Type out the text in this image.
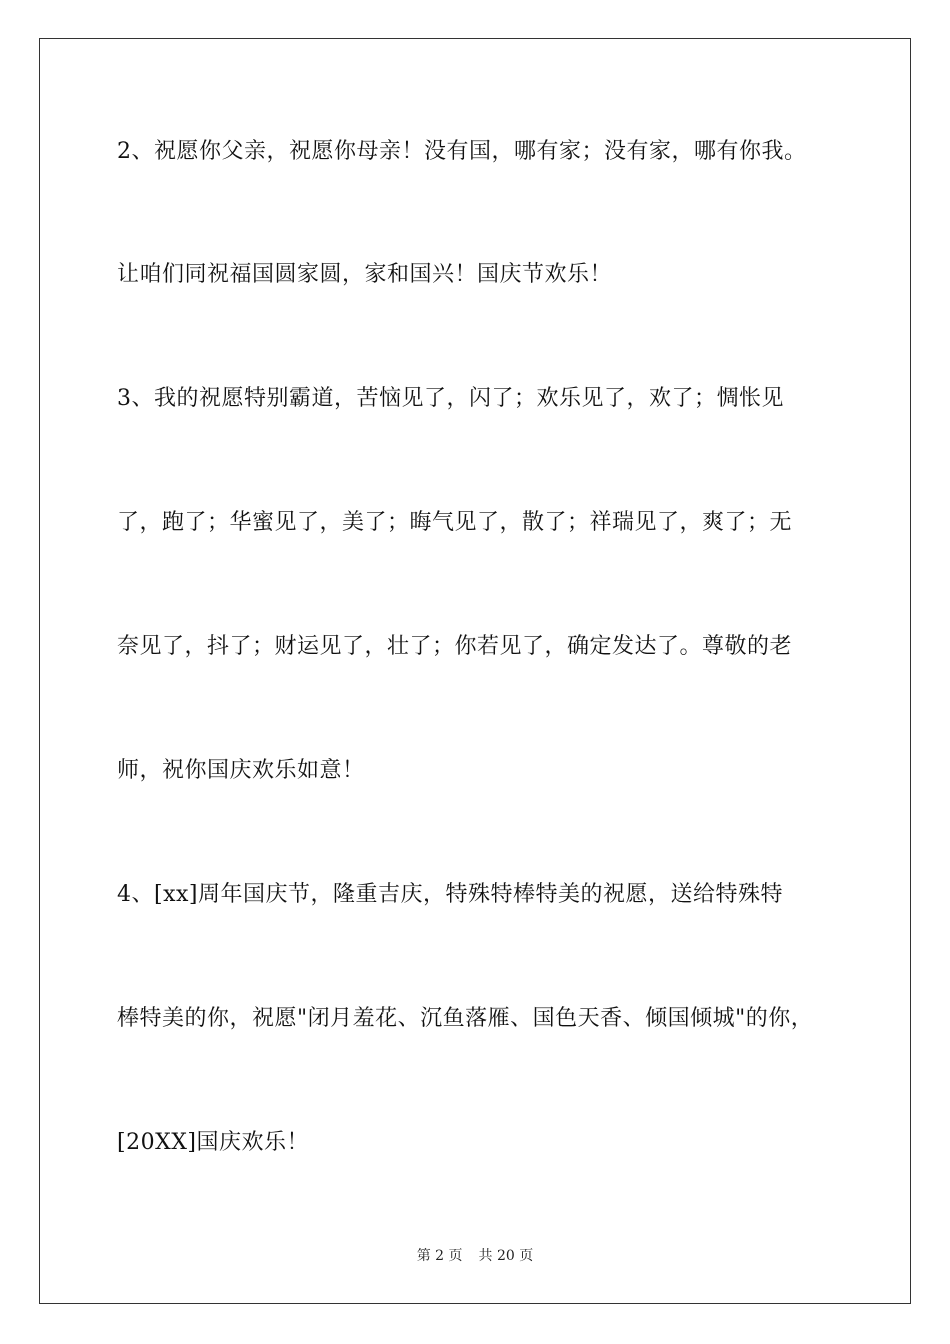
2、祝愿你父亲，祝愿你母亲！没有国，哪有家；没有家，哪有你我。
让咱们同祝福国圆家圆，家和国兴！国庆节欢乐！
3、我的祝愿特别霸道，苦恼见了，闪了；欢乐见了，欢了；惆怅见
了，跑了；华蜜见了，美了；晦气见了，散了；祥瑞见了，爽了；无
奈见了，抖了；财运见了，壮了；你若见了，确定发达了。尊敬的老
师，祝你国庆欢乐如意！
4、[xx]周年国庆节，隆重吉庆，特殊特棒特美的祝愿，送给特殊特
棒特美的你，祝愿"闭月羞花、沉鱼落雁、国色天香、倾国倾城"的你，
[20XX]国庆欢乐！
第 2 页 共 20 页
